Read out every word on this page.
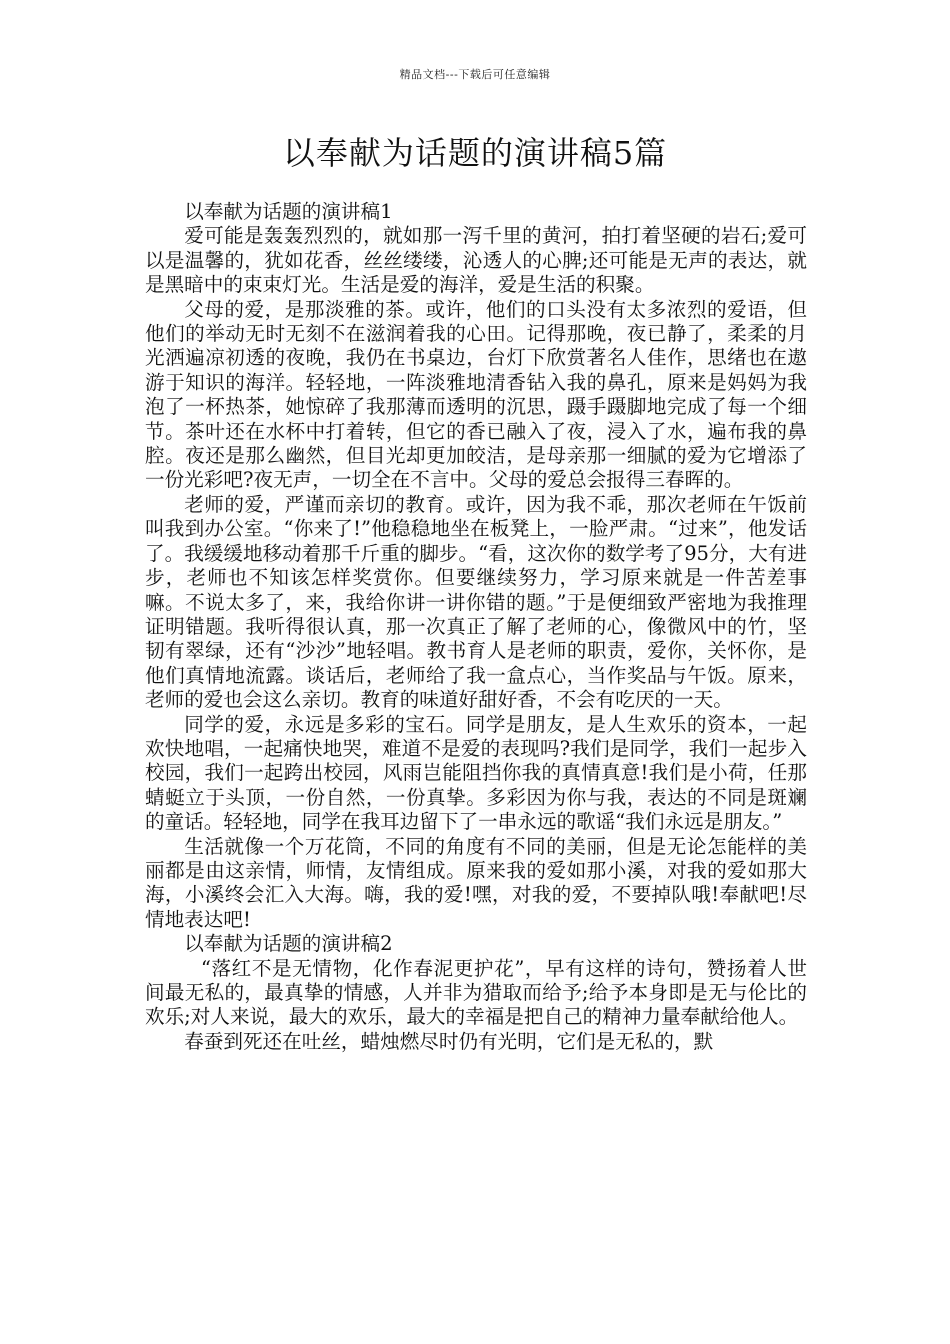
精品文档---下载后可任意编辑
以奉献为话题的演讲稿5篇

以奉献为话题的演讲稿1

爱可能是轰轰烈烈的，就如那一泻千里的黄河，拍打着坚硬的岩石;爱可以是温馨的，犹如花香，丝丝缕缕，沁透人的心脾;还可能是无声的表达，就是黑暗中的束束灯光。生活是爱的海洋，爱是生活的积聚。

父母的爱，是那淡雅的茶。或许，他们的口头没有太多浓烈的爱语，但他们的举动无时无刻不在滋润着我的心田。记得那晚，夜已静了，柔柔的月光洒遍凉初透的夜晚，我仍在书桌边，台灯下欣赏著名人佳作，思绪也在遨游于知识的海洋。轻轻地，一阵淡雅地清香钻入我的鼻孔，原来是妈妈为我泡了一杯热茶，她惊碎了我那薄而透明的沉思，蹑手蹑脚地完成了每一个细节。茶叶还在水杯中打着转，但它的香已融入了夜，浸入了水，遍布我的鼻腔。夜还是那么幽然，但目光却更加皎洁，是母亲那一细腻的爱为它增添了一份光彩吧?夜无声，一切全在不言中。父母的爱总会报得三春晖的。

老师的爱，严谨而亲切的教育。或许，因为我不乖，那次老师在午饭前叫我到办公室。“你来了!”他稳稳地坐在板凳上，一脸严肃。“过来”，他发话了。我缓缓地移动着那千斤重的脚步。“看，这次你的数学考了95分，大有进步，老师也不知该怎样奖赏你。但要继续努力，学习原来就是一件苦差事嘛。不说太多了，来，我给你讲一讲你错的题。”于是便细致严密地为我推理证明错题。我听得很认真，那一次真正了解了老师的心，像微风中的竹，坚韧有翠绿，还有“沙沙”地轻唱。教书育人是老师的职责，爱你，关怀你，是他们真情地流露。谈话后，老师给了我一盒点心，当作奖品与午饭。原来，老师的爱也会这么亲切。教育的味道好甜好香，不会有吃厌的一天。

同学的爱，永远是多彩的宝石。同学是朋友，是人生欢乐的资本，一起欢快地唱，一起痛快地哭，难道不是爱的表现吗?我们是同学，我们一起步入校园，我们一起跨出校园，风雨岂能阻挡你我的真情真意!我们是小荷，任那蜻蜓立于头顶，一份自然，一份真挚。多彩因为你与我，表达的不同是斑斓的童话。轻轻地，同学在我耳边留下了一串永远的歌谣“我们永远是朋友。”

生活就像一个万花筒，不同的角度有不同的美丽，但是无论怎能样的美丽都是由这亲情，师情，友情组成。原来我的爱如那小溪，对我的爱如那大海，小溪终会汇入大海。嗨，我的爱!嘿，对我的爱，不要掉队哦!奉献吧!尽情地表达吧!

以奉献为话题的演讲稿2

“落红不是无情物，化作春泥更护花”，早有这样的诗句，赞扬着人世间最无私的，最真挚的情感，人并非为猎取而给予;给予本身即是无与伦比的欢乐;对人来说，最大的欢乐，最大的幸福是把自己的精神力量奉献给他人。

春蚕到死还在吐丝，蜡烛燃尽时仍有光明，它们是无私的，默
